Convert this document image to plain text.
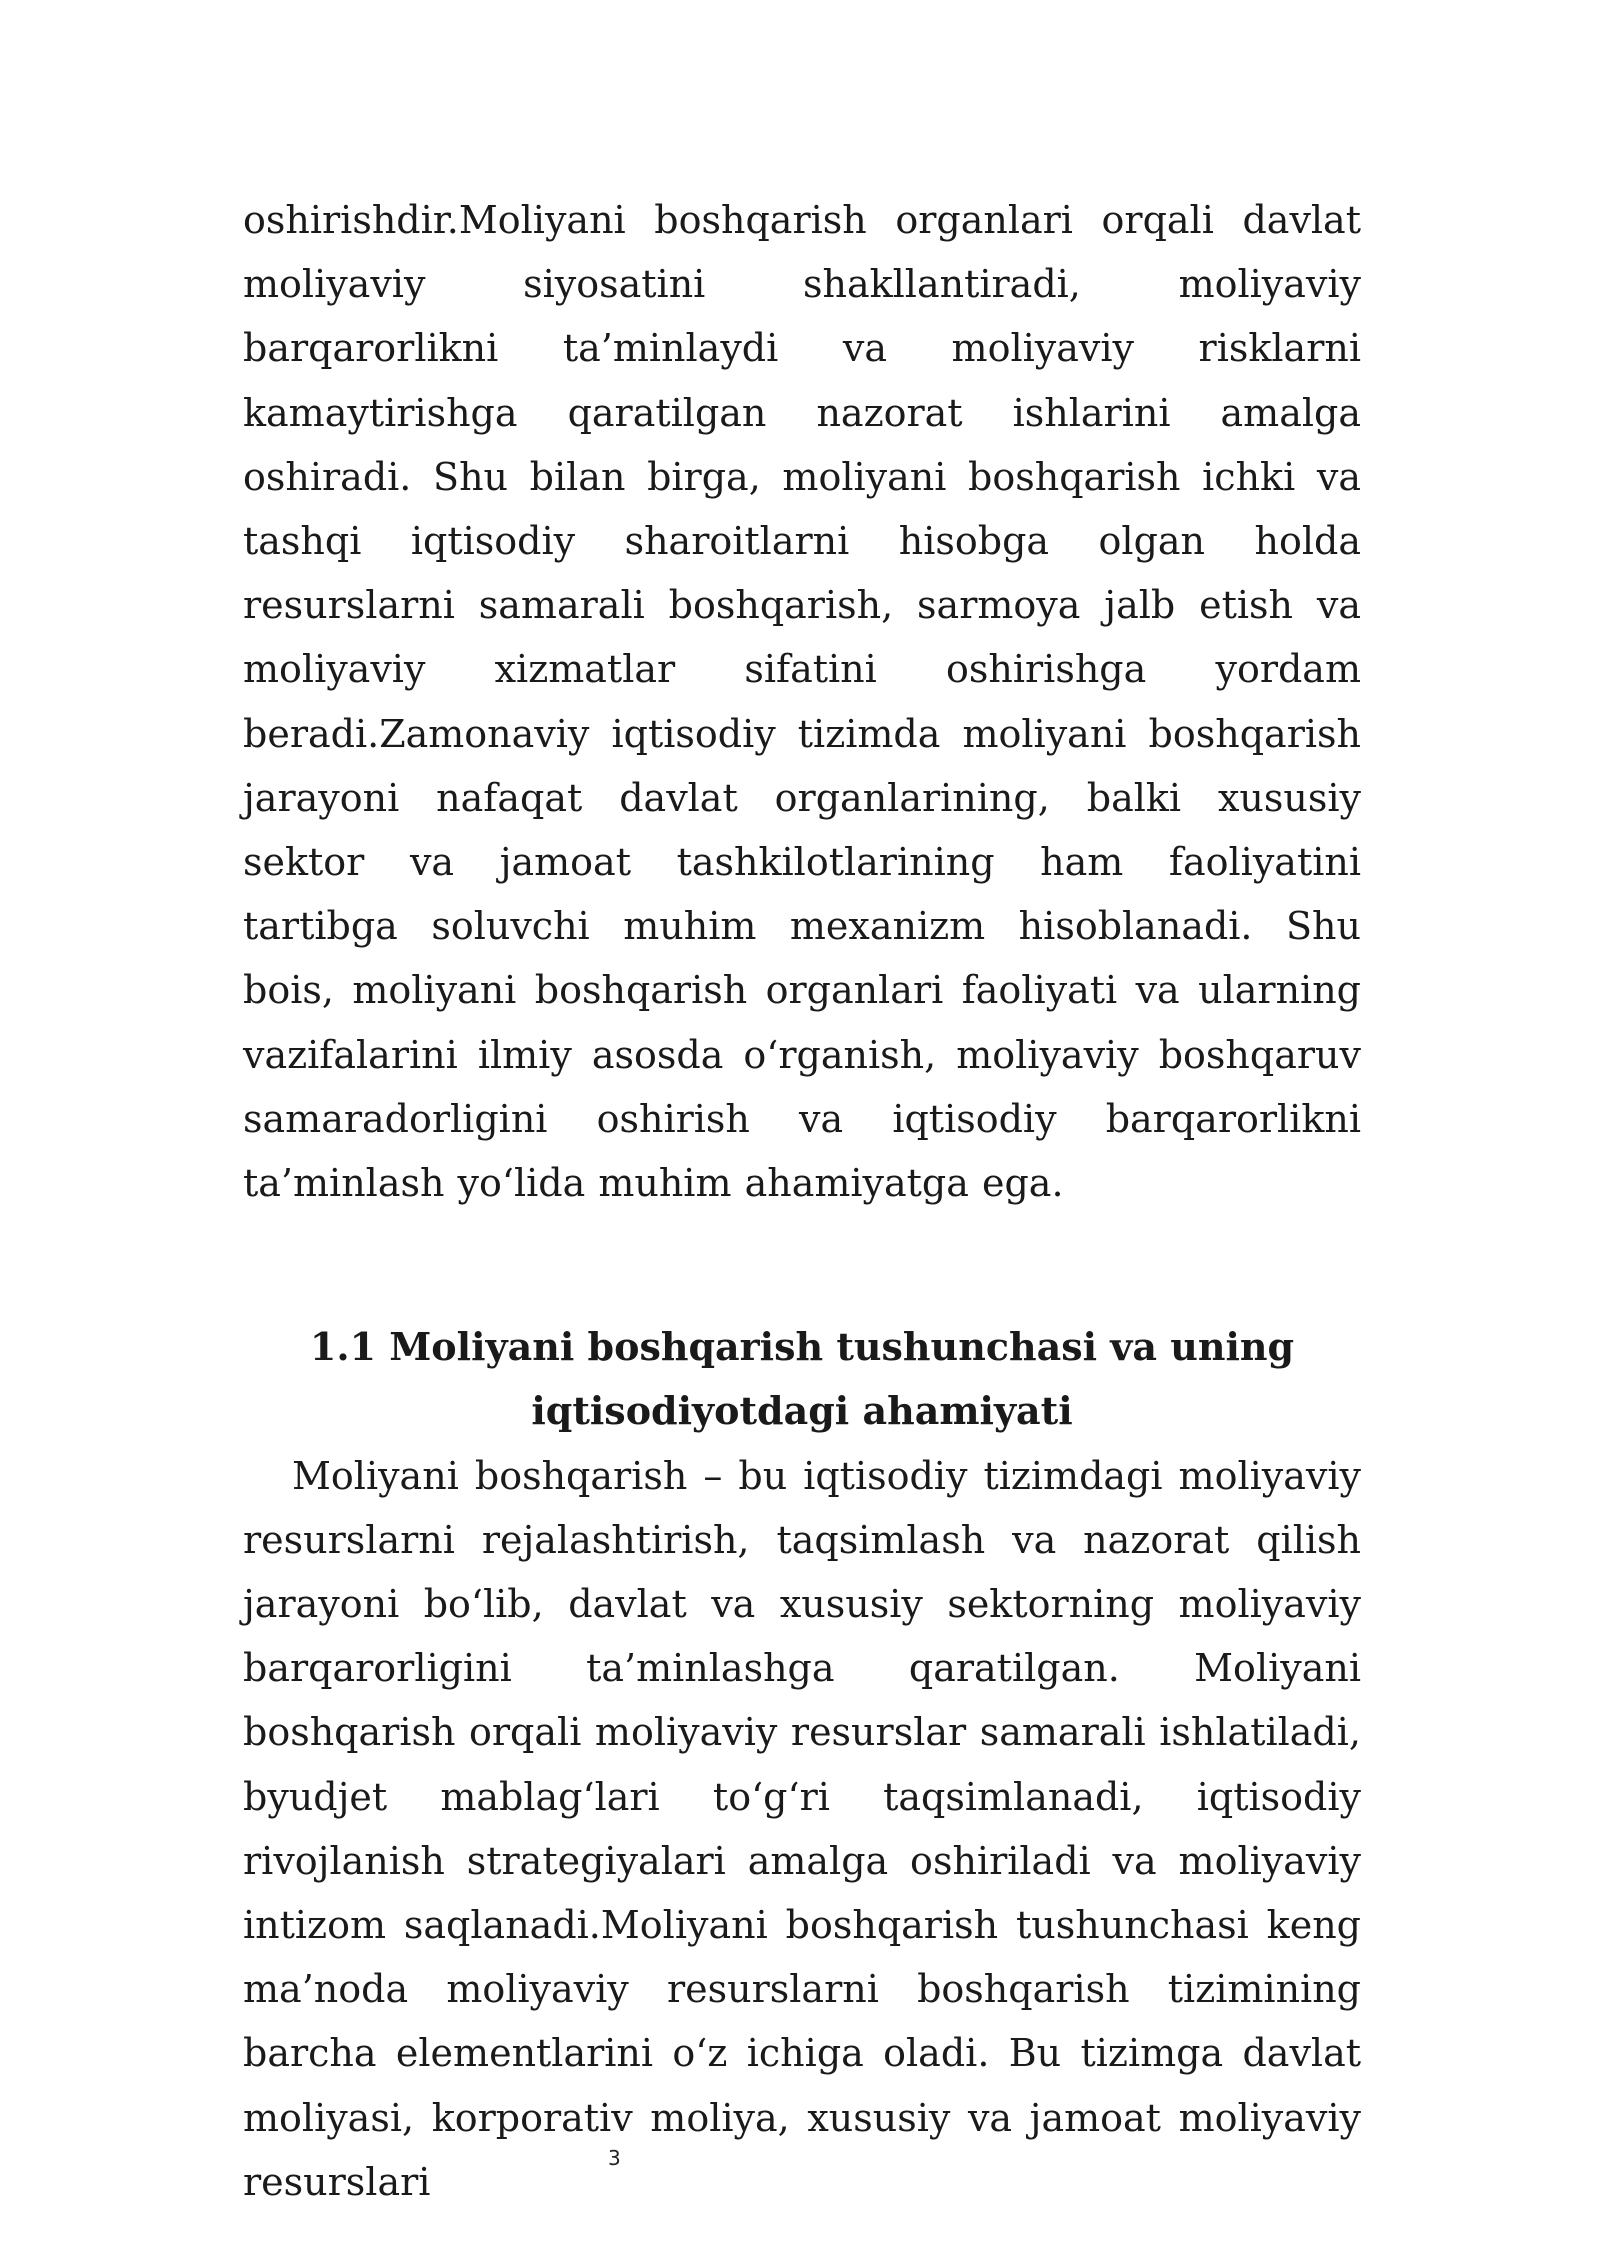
oshirishdir.Moliyani boshqarish organlari orqali davlat moliyaviy siyosatini shakllantiradi, moliyaviy barqarorlikni ta’minlaydi va moliyaviy risklarni kamaytirishga qaratilgan nazorat ishlarini amalga oshiradi. Shu bilan birga, moliyani boshqarish ichki va tashqi iqtisodiy sharoitlarni hisobga olgan holda resurslarni samarali boshqarish, sarmoya jalb etish va moliyaviy xizmatlar sifatini oshirishga yordam beradi.Zamonaviy iqtisodiy tizimda moliyani boshqarish jarayoni nafaqat davlat organlarining, balki xususiy sektor va jamoat tashkilotlarining ham faoliyatini tartibga soluvchi muhim mexanizm hisoblanadi. Shu bois, moliyani boshqarish organlari faoliyati va ularning vazifalarini ilmiy asosda o‘rganish, moliyaviy boshqaruv samaradorligini oshirish va iqtisodiy barqarorlikni ta’minlash yo‘lida muhim ahamiyatga ega.

1.1 Moliyani boshqarish tushunchasi va uning iqtisodiyotdagi ahamiyati

Moliyani boshqarish – bu iqtisodiy tizimdagi moliyaviy resurslarni rejalashtirish, taqsimlash va nazorat qilish jarayoni bo‘lib, davlat va xususiy sektorning moliyaviy barqarorligini ta’minlashga qaratilgan. Moliyani boshqarish orqali moliyaviy resurslar samarali ishlatiladi, byudjet mablag‘lari to‘g‘ri taqsimlanadi, iqtisodiy rivojlanish strategiyalari amalga oshiriladi va moliyaviy intizom saqlanadi.Moliyani boshqarish tushunchasi keng ma’noda moliyaviy resurslarni boshqarish tizimining barcha elementlarini o‘z ichiga oladi. Bu tizimga davlat moliyasi, korporativ moliya, xususiy va jamoat moliyaviy resurslari

3
